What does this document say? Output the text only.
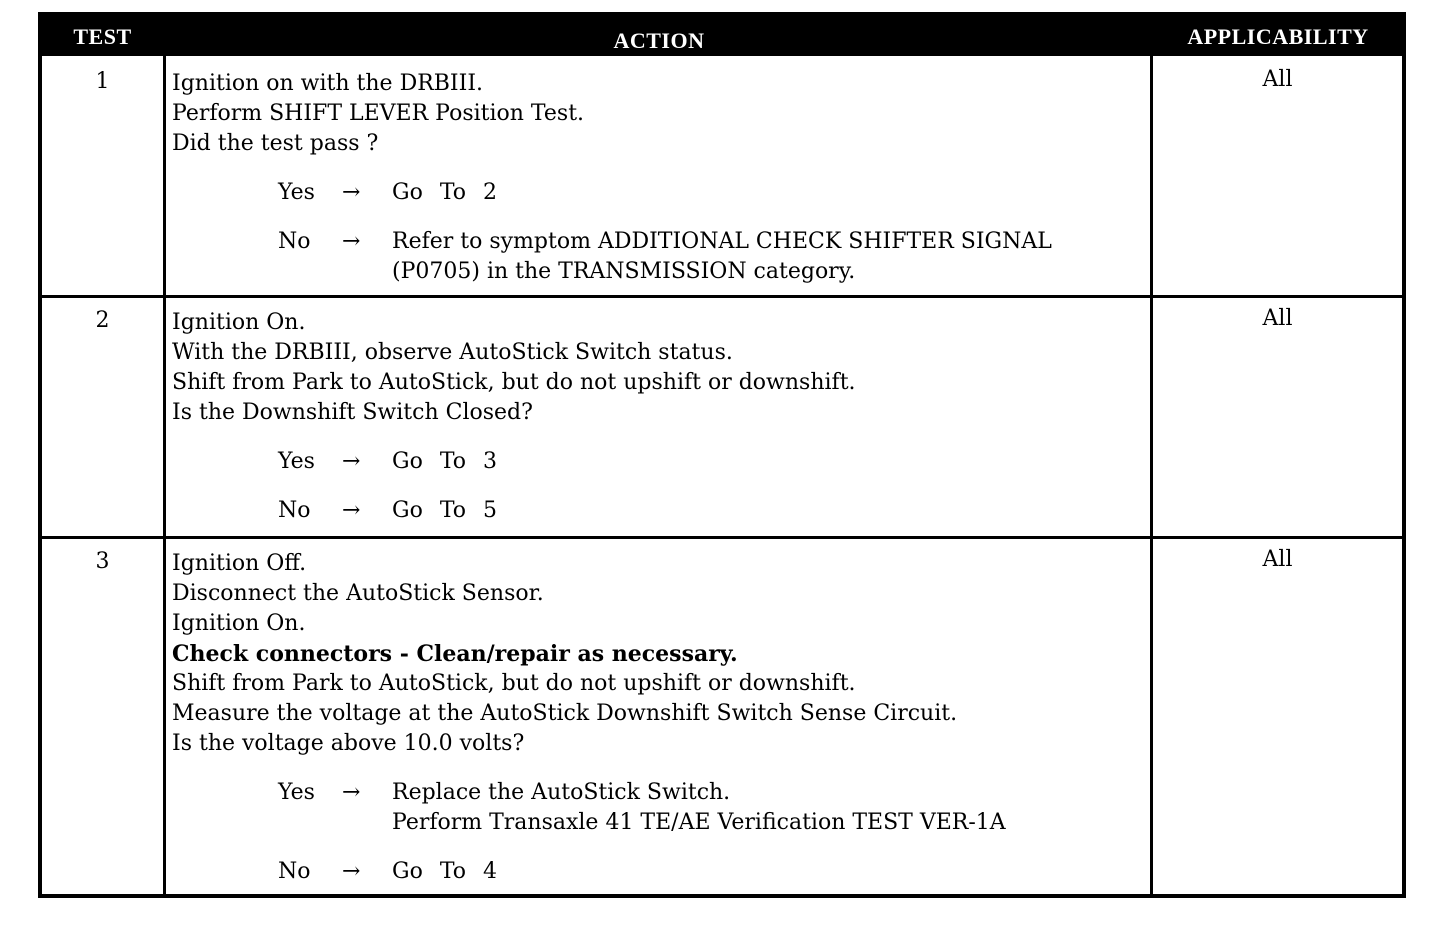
TEST	ACTION	APPLICABILITY
1	Ignition on with the DRBIII.
Perform SHIFT LEVER Position Test.
Did the test pass ?
Yes → Go To 2
No → Refer to symptom ADDITIONAL CHECK SHIFTER SIGNAL
(P0705) in the TRANSMISSION category.
All
2	Ignition On.
With the DRBIII, observe AutoStick Switch status.
Shift from Park to AutoStick, but do not upshift or downshift.
Is the Downshift Switch Closed?
Yes → Go To 3
No → Go To 5
All
3	Ignition Off.
Disconnect the AutoStick Sensor.
Ignition On.
Check connectors - Clean/repair as necessary.
Shift from Park to AutoStick, but do not upshift or downshift.
Measure the voltage at the AutoStick Downshift Switch Sense Circuit.
Is the voltage above 10.0 volts?
Yes → Replace the AutoStick Switch.
Perform Transaxle 41 TE/AE Verification TEST VER-1A
No → Go To 4
All
